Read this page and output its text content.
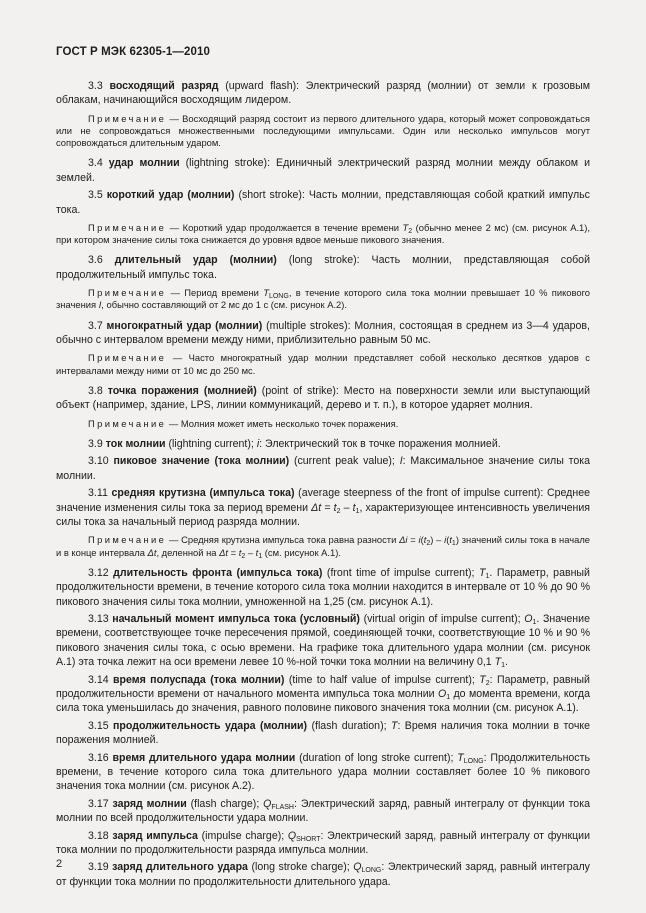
ГОСТ Р МЭК 62305-1—2010

3.3 восходящий разряд (upward flash): Электрический разряд (молнии) от земли к грозовым облакам, начинающийся восходящим лидером.

Примечание — Восходящий разряд состоит из первого длительного удара, который может сопровождаться или не сопровождаться множественными последующими импульсами. Один или несколько импульсов могут сопровождаться длительным ударом.

3.4 удар молнии (lightning stroke): Единичный электрический разряд молнии между облаком и землей.

3.5 короткий удар (молнии) (short stroke): Часть молнии, представляющая собой краткий импульс тока.

Примечание — Короткий удар продолжается в течение времени $T_2$ (обычно менее 2 мс) (см. рисунок А.1), при котором значение силы тока снижается до уровня вдвое меньше пикового значения.

3.6 длительный удар (молнии) (long stroke): Часть молнии, представляющая собой продолжительный импульс тока.

Примечание — Период времени $T_{LONG}$, в течение которого сила тока молнии превышает 10 % пикового значения I, обычно составляющий от 2 мс до 1 с (см. рисунок А.2).

3.7 многократный удар (молнии) (multiple strokes): Молния, состоящая в среднем из 3—4 ударов, обычно с интервалом времени между ними, приблизительно равным 50 мс.

Примечание — Часто многократный удар молнии представляет собой несколько десятков ударов с интервалами между ними от 10 мс до 250 мс.

3.8 точка поражения (молнией) (point of strike): Место на поверхности земли или выступающий объект (например, здание, LPS, линии коммуникаций, дерево и т. п.), в которое ударяет молния.

Примечание — Молния может иметь несколько точек поражения.

3.9 ток молнии (lightning current); i: Электрический ток в точке поражения молнией.

3.10 пиковое значение (тока молнии) (current peak value); I: Максимальное значение силы тока молнии.

3.11 средняя крутизна (импульса тока) (average steepness of the front of impulse current): Среднее значение изменения силы тока за период времени $\Delta t = t_2 - t_1$, характеризующее интенсивность увеличения силы тока за начальный период разряда молнии.

Примечание — Средняя крутизна импульса тока равна разности $\Delta i = i(t_2) - i(t_1)$ значений силы тока в начале и в конце интервала Δt, деленной на $\Delta t = t_2 - t_1$ (см. рисунок А.1).

3.12 длительность фронта (импульса тока) (front time of impulse current); $T_1$. Параметр, равный продолжительности времени, в течение которого сила тока молнии находится в интервале от 10 % до 90 % пикового значения силы тока молнии, умноженной на 1,25 (см. рисунок А.1).

3.13 начальный момент импульса тока (условный) (virtual origin of impulse current); $O_1$. Значение времени, соответствующее точке пересечения прямой, соединяющей точки, соответствующие 10 % и 90 % пикового значения силы тока, с осью времени. На графике тока длительного удара молнии (см. рисунок А.1) эта точка лежит на оси времени левее 10 %-ной точки тока молнии на величину 0,1 $T_1$.

3.14 время полуспада (тока молнии) (time to half value of impulse current); $T_2$: Параметр, равный продолжительности времени от начального момента импульса тока молнии $O_1$ до момента времени, когда сила тока уменьшилась до значения, равного половине пикового значения тока молнии (см. рисунок А.1).

3.15 продолжительность удара (молнии) (flash duration); T: Время наличия тока молнии в точке поражения молнией.

3.16 время длительного удара молнии (duration of long stroke current); $T_{LONG}$: Продолжительность времени, в течение которого сила тока длительного удара молнии составляет более 10 % пикового значения тока молнии (см. рисунок А.2).

3.17 заряд молнии (flash charge); $Q_{FLASH}$: Электрический заряд, равный интегралу от функции тока молнии по всей продолжительности удара молнии.

3.18 заряд импульса (impulse charge); $Q_{SHORT}$: Электрический заряд, равный интегралу от функции тока молнии по продолжительности разряда импульса молнии.

3.19 заряд длительного удара (long stroke charge); $Q_{LONG}$: Электрический заряд, равный интегралу от функции тока молнии по продолжительности длительного удара.

2
